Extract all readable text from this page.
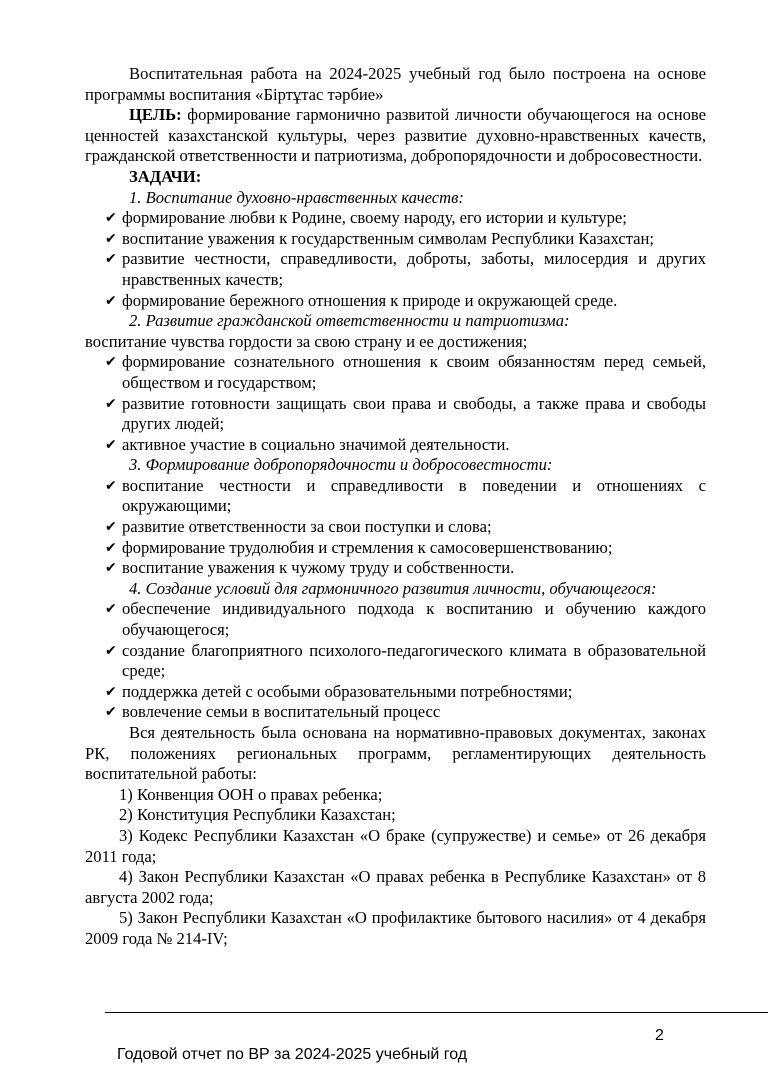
Воспитательная работа на 2024-2025 учебный год было построена на основе программы воспитания «Біртұтас тәрбие»

ЦЕЛЬ: формирование гармонично развитой личности обучающегося на основе ценностей казахстанской культуры, через развитие духовно-нравственных качеств, гражданской ответственности и патриотизма, добропорядочности и добросовестности.

ЗАДАЧИ:

1. Воспитание духовно-нравственных качеств:

✔ формирование любви к Родине, своему народу, его истории и культуре;
✔ воспитание уважения к государственным символам Республики Казахстан;
✔ развитие честности, справедливости, доброты, заботы, милосердия и других нравственных качеств;
✔ формирование бережного отношения к природе и окружающей среде.

2. Развитие гражданской ответственности и патриотизма:

воспитание чувства гордости за свою страну и ее достижения;

✔ формирование сознательного отношения к своим обязанностям перед семьей, обществом и государством;
✔ развитие готовности защищать свои права и свободы, а также права и свободы других людей;
✔ активное участие в социально значимой деятельности.

3. Формирование добропорядочности и добросовестности:

✔ воспитание честности и справедливости в поведении и отношениях с окружающими;
✔ развитие ответственности за свои поступки и слова;
✔ формирование трудолюбия и стремления к самосовершенствованию;
✔ воспитание уважения к чужому труду и собственности.

4. Создание условий для гармоничного развития личности, обучающегося:

✔ обеспечение индивидуального подхода к воспитанию и обучению каждого обучающегося;
✔ создание благоприятного психолого-педагогического климата в образовательной среде;
✔ поддержка детей с особыми образовательными потребностями;
✔ вовлечение семьи в воспитательный процесс

Вся деятельность была основана на нормативно-правовых документах, законах РК, положениях региональных программ, регламентирующих деятельность воспитательной работы:

1) Конвенция ООН о правах ребенка;

2) Конституция Республики Казахстан;

3) Кодекс Республики Казахстан «О браке (супружестве) и семье» от 26 декабря 2011 года;

4) Закон Республики Казахстан «О правах ребенка в Республике Казахстан» от 8 августа 2002 года;

5) Закон Республики Казахстан «О профилактике бытового насилия» от 4 декабря 2009 года № 214-IV;

2
Годовой отчет по ВР за 2024-2025 учебный год
